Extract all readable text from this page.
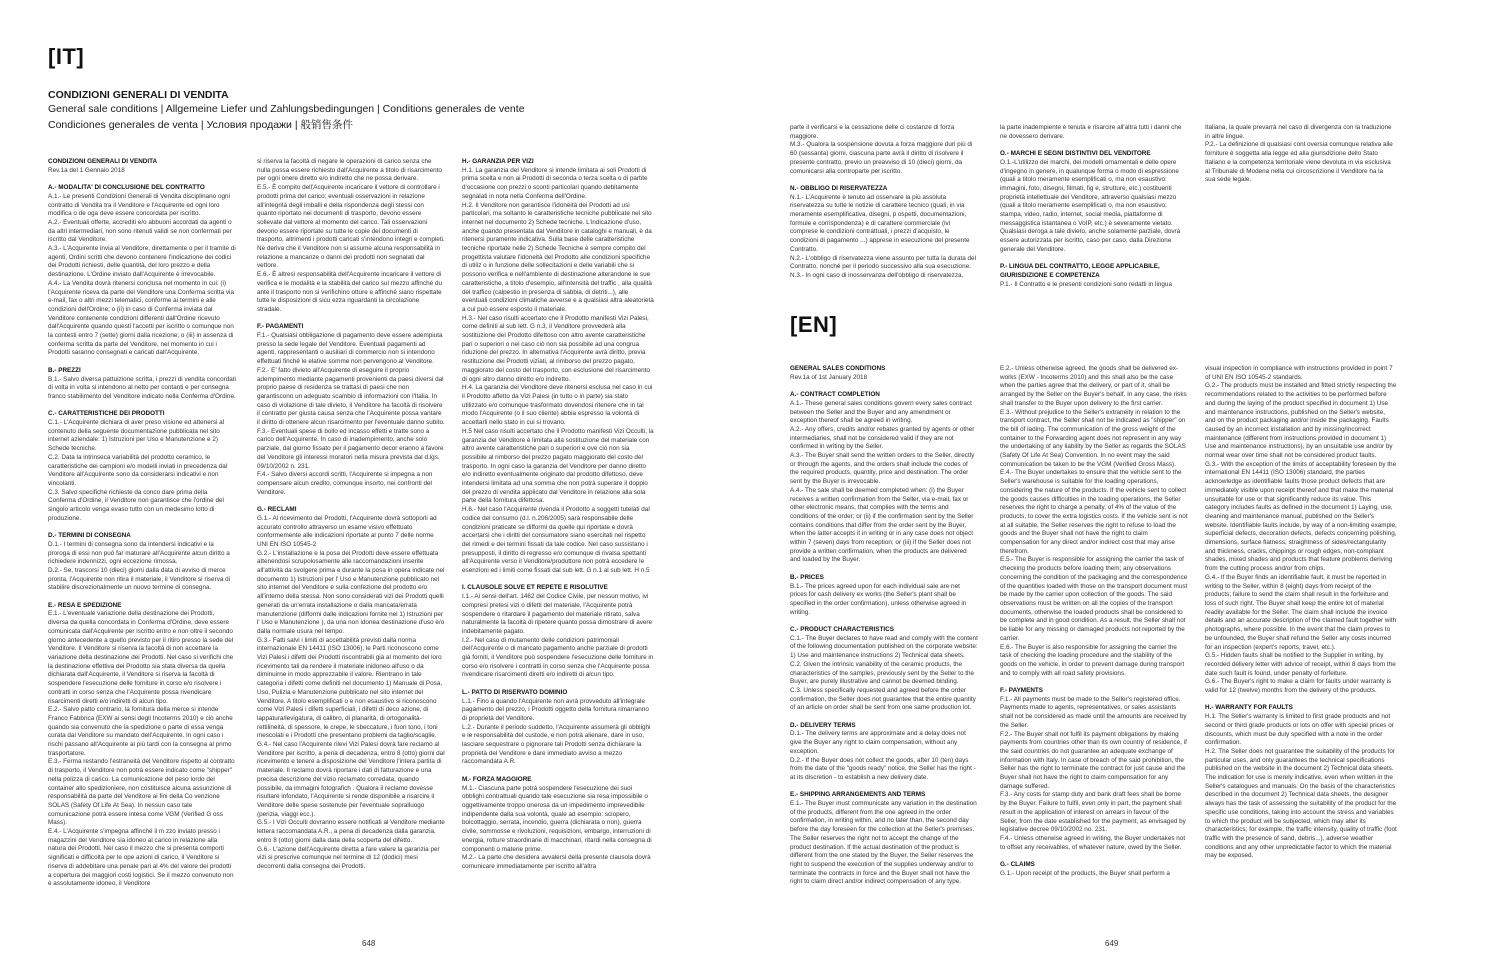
[IT]
CONDIZIONI GENERALI DI VENDITA
General sale conditions | Allgemeine Liefer und Zahlungsbedingungen | Conditions generales de vente
Condiciones generales de venta | Условия продажи | 般销售条件
CONDIZIONI GENERALI DI VENDITA
Rev.1a del 1 Gennaio 2018
A.- MODALITA' DI CONCLUSIONE DEL CONTRATTO
A.1.- Le presenti Condizioni Generali di Vendita disciplinano ogni contratto di Vendita tra il Venditore e l'Acquirente ed ogni loro modifica o de oga deve essere concordata per iscritto.
A.2.- Eventuali offerte, accrediti e/o abbuoni accordati da agenti o da altri intermediari, non sono ritenuti validi se non confermati per iscritto dal Venditore.
A.3.- L'Acquirente invia al Venditore, direttamente o per il tramite di agenti, Ordini scritti che devono contenere l'indicazione dei codici dei Prodotti richiesti, delle quantità, del loro prezzo e della destinazione. L'Ordine inviato dall'Acquirente è irrevocabile.
A.4.- La Vendita dovrà ritenersi conclusa nel momento in cui: (i) l'Acquirente riceva da parte del Venditore una Conferma scritta via e-mail, fax o altri mezzi telematici, conforme ai termini e alle condizioni dell'Ordine; o (ii) in caso di Conferma inviata dal Venditore contenente condizioni differenti dall'Ordine ricevuto dall'Acquirente quando questi l'accetti per iscritto o comunque non la contesti entro 7 (sette) giorni dalla ricezione; o (iii) in assenza di conferma scritta da parte del Venditore, nel momento in cui i Prodotti saranno consegnati e caricati dall'Acquirente.
B.- PREZZI
B.1.- Salvo diversa pattuizione scritta, i prezzi di vendita concordati di volta in volta si intendono al netto per contanti e per consegna franco stabilimento del Venditore indicato nella Conferma d'Ordine.
C.- CARATTERISTICHE DEI PRODOTTI
C.1.- L'Acquirente dichiara di aver preso visione ed attenersi al contenuto della seguente documentazione pubblicata nel sito internet aziendale: 1) Istruzioni per Uso e Manutenzione e 2) Schede tecniche.
C.2. Data la intrinseca variabilità del prodotto ceramico, le caratteristiche dei campioni e/o modelli inviati in precedenza dal Venditore all'Acquirente sono da considerarsi indicativi e non vincolanti.
C.3. Salvo specifiche richieste da conco dare prima della Conferma d'Ordine, il Venditore non garantisce che l'ordine del singolo articolo venga evaso tutto con un medesimo lotto di produzione.
D.- TERMINI DI CONSEGNA
D.1.- I termini di consegna sono da intendersi indicativi e la proroga di essi non può far maturare all'Acquirente alcun diritto a richiedere indennizzi, ogni eccezione rimossa.
D.2.- Se, trascorsi 10 (dieci) giorni dalla data di avviso di merce pronta, l'Acquirente non ritira il materiale, il Venditore si riserva di stabilire discrezionalmente un nuovo termine di consegna.
E.- RESA E SPEDIZIONE
E.1.- L'eventuale variazione della destinazione dei Prodotti, diversa da quella concordata in Conferma d'Ordine, deve essere comunicata dall'Acquirente per iscritto entro e non oltre il secondo giorno antecedente a quello previsto per il ritiro presso la sede del Venditore. Il Venditore si riserva la facoltà di non accettare la variazione della destinazione dei Prodotti. Nel caso si verifichi che la destinazione effettiva dei Prodotto sia stata diversa da quella dichiarata dall'Acquirente, il Venditore si riserva la facoltà di sospendere l'esecuzione delle forniture in corso e/o risolvere i contratti in corso senza che l'Acquirente possa rivendicare risarcimenti diretti e/o indiretti di alcun tipo.
E.2.- Salvo patto contrario, la fornitura della merce si intende Franco Fabbrica (EXW ai sensi degli Incoterms 2010) e ciò anche quando sia convenuto che la spedizione o parte di essa venga curata dal Venditore su mandato dell'Acquirente. In ogni caso i rischi passano all'Acquirente al più tardi con la consegna al primo trasportatore.
E.3.- Ferma restando l'estraneità del Venditore rispetto al contratto di trasporto, il Venditore non potrà essere indicato come "shipper" nella polizza di carico. La comunicazione del peso lordo del container allo spedizioniere, non costituisce alcuna assunzione di responsabilità da parte del Venditore ai fini della Co venzione SOLAS (Safety Of Life At Sea). In nessun caso tale comunicazione potrà essere intesa come VGM (Verified G oss Mass).
E.4.- L'Acquirente s'impegna affinché il m zzo inviato presso i magazzini del Venditore sia idoneo al carico in relazione alla natura dei Prodotti. Nel caso il mezzo che si presenta comporti significati e difficoltà per le ope azioni di carico, il Venditore si riserva di addebitare una penale pari al 4% del valore dei prodotti a copertura dei maggiori costi logistici. Se il mezzo convenuto non è assolutamente idoneo, il Venditore
si riserva la facoltà di negare le operazioni di carico senza che nulla possa essere richiesto dall'Acquirente a titolo di risarcimento per ogni onere diretto e/o indiretto che ne possa derivare.
E.5.- È compito dell'Acquirente incaricare il vettore di controllare i prodotti prima del carico; eventuali osservazioni in relazione all'integrità degli imballi e della rispondenza degli stessi con quanto riportato nei documenti di trasporto, devono essere sollevate dal vettore al momento del carico. Tali osservazioni devono essere riportate su tutte le copie dei documenti di trasporto, altrimenti i prodotti caricati s'intendono integri e completi. Ne deriva che il Venditore non si assume alcuna responsabilità in relazione a mancanze o danni dei prodotti non segnalati dal vettore.
E.6.- È altresì responsabilità dell'Acquirente incaricare il vettore di verifica e le modalità e la stabilità del carico sul mezzo affinché du ante il trasporto non si verifichino otture e affinché siano rispettate tutte le disposizioni di sicu ezza riguardanti la circolazione stradale.
F.- PAGAMENTI
F.1.- Qualsiasi obbligazione di pagamento deve essere adempiuta presso la sede legale del Venditore. Eventuali pagamenti ad agenti, rappresentanti o ausiliari di commercio non si intendono effettuati finché le elative somme non pervengono al Venditore.
F.2.- E' fatto divieto all'Acquirente di eseguire il proprio adempimento mediante pagamenti provenienti da paesi diversi dal proprio paese di residenza se trattasi di paesi che non garantiscono un adeguato scambio di informazioni con l'Italia. In caso di violazione di tale divieto, il Venditore ha facoltà di risolvere il contratto per giusta causa senza che l'Acquirente possa vantare il diritto di ottenere alcun risarcimento per l'eventuale danno subito.
F.3.- Eventuali spese di bollo ed incasso effetti e tratte sono a carico dell'Acquirente. In caso di inadempimento, anche solo parziale, dal giorno fissato per il pagamento decor eranno a favore del Venditore gli interessi moratori nella misura prevista dal d.lgs. 09/10/2002 n. 231.
F.4.- Salvo diversi accordi scritti, l'Acquirente si impegna a non compensare alcun credito, comunque insorto, nei confronti del Venditore.
G.- RECLAMI
G.1.- Al ricevimento dei Prodotti, l'Acquirente dovrà sottoporli ad accurato controllo attraverso un esame visivo effettuato conformemente alle indicazioni riportate al punto 7 delle norme UNI EN ISO 10545-2
G.2.- L'installazione e la posa dei Prodotti deve essere effettuata attenendosi scrupolosamente alle raccomandazioni inserite all'attività da svolgere prima e durante la posa in opera indicate nel documento 1) Istruzioni per l' Uso e Manutenzione pubblicato nel sito internet del Venditore e sulla confezione del prodotto e/o all'interno della stessa. Non sono considerati vizi dei Prodotti quelli generati da un'errata installazione o dalla mancata/errata manutenzione (difformi dalle indicazioni fornite nel 1) Istruzioni per l' Uso e Manutenzione ), da una non idonea destinazione d'uso e/o dalla normale usura nel tempo.
G.3.- Fatti salvi i limiti di accettabilità previsti dalla norma internazionale EN 14411 (ISO 13006), le Parti riconoscono come Vizi Palesi i difetti dei Prodotti riscontrabili già al momento del loro ricevimento tali da rendere il materiale inidoneo all'uso o da diminuirne in modo apprezzabile il valore. Rientrano in tale categoria i difetti come definiti nel documento 1) Manuale di Posa, Uso, Pulizia e Manutenzione pubblicato nel sito internet del Venditore. A titolo esemplificati o e non esaustivo si riconoscono come Vizi Palesi i difetti superficiali, i difetti di deco azione, di lappatura/levigatura, di calibro, di planarità, di ortogonalità-rettilineità, di spessore, le crepe, le sbeccature, i fuori tono, i toni mescolati e i Prodotti che presentano problemi da taglio/scaglie.
G.4.- Nel caso l'Acquirente rilevi Vizi Palesi dovrà fare reclamo al Venditore per iscritto, a pena di decadenza, entro 8 (otto) giorni dal ricevimento e tenere a disposizione del Venditore l'intera partita di materiale. Il reclamo dovrà riportare i dati di fatturazione e una precisa descrizione del vizio reclamato corredata, quando possibile, da immagini fotografich . Qualora il reclamo dovesse risultare infondato, l'Acquirente si rende disponibile a risarcire il Venditore delle spese sostenute per l'eventuale sopralluogo (perizia, viaggi ecc.).
G.5.- I Vizi Occulti dovranno essere notificati al Venditore mediante lettera raccomandata A.R., a pena di decadenza dalla garanzia, entro 8 (otto) giorni dalla data della scoperta del difetto.
G.6.- L'azione dell'Acquirente diretta a fare valere la garanzia per vizi si prescrive comunque nel termine di 12 (dodici) mesi decorrenti dalla consegna dei Prodotti.
H.- GARANZIA PER VIZI
H.1. La garanzia del Venditore si intende limitata ai soli Prodotti di prima scelta e non ai Prodotti di seconda o terza scelta o di partite d'occasione con prezzi o sconti particolari quando debitamente segnalati in nota nella Conferma dell'Ordine.
H.2. Il Venditore non garantisce l'idoneità dei Prodotti ad usi particolari, ma soltanto le caratteristiche tecniche pubblicate nel sito internet nel documento 2) Schede tecniche. L'indicazione d'uso, anche quando presentata dal Venditore in cataloghi e manuali, è da ritenersi puramente indicativa. Sulla base delle caratteristiche tecniche riportate nelle 2) Schede Tecniche è sempre compito del progettista valutare l'idoneità del Prodotto alle condizioni specifiche di utiliz o in funzione delle sollecitazioni e delle variabili che si possono verifica e nell'ambiente di destinazione alterandone le sue caratteristiche, a titolo d'esempio, all'intensità del traffic , alla qualità del traffico (calpestio in presenza di sabbia, di detriti...), alle eventuali condizioni climatiche avverse e a qualsiasi altra aleatorietà a cui può essere esposto il materiale.
H.3.- Nel caso risulti accertato che il Prodotto manifesti Vizi Palesi, come definiti al sub lett. G n.3, il Venditore provvederà alla sostituzione del Prodotto difettoso con altro avente caratteristiche pari o superiori o nel caso ciò non sia possibile ad una congrua riduzione del prezzo. In alternativa l'Acquirente avrà diritto, previa restituzione dei Prodotti viziati, al rimborso del prezzo pagato, maggiorato del costo del trasporto, con esclusione del risarcimento di ogni altro danno diretto e/o indiretto.
H.4. La garanzia del Venditore deve ritenersi esclusa nel caso in cui il Prodotto affetto da Vizi Palesi (in tutto o in parte) sia stato utilizzato e/o comunque trasformato dovendosi ritenere che in tal modo l'Acquirente (o il suo cliente) abbia espresso la volontà di accettarli nello stato in cui si trovano.
H.5 Nel caso risulti accertato che il Prodotto manifesti Vizi Occulti, la garanzia del Venditore è limitata alla sostituzione del materiale con altro avente caratteristiche pari o superiori e ove ciò non sia possibile al rimborso del prezzo pagato maggiorato del costo del trasporto. In ogni caso la garanzia del Venditore per danno diretto e/o indiretto eventualmente originato dal prodotto difettoso, deve intendersi limitata ad una somma che non potrà superare il doppio del prezzo di vendita applicato dal Venditore in relazione alla sola parte della fornitura difettosa.
H.6.- Nel caso l'Acquirente rivenda il Prodotto a soggetti tutelati dal codice del consumo (d.l. n.206/2005) sarà responsabile delle condizioni praticate se difformi da quelle qui riportate e dovrà accertarsi che i diritti del consumatore siano esercitati nel rispetto dei rimedi e dei termini fissati da tale codice. Nel caso sussistano i presupposti, il diritto di regresso e/o comunque di rivalsa spettanti all'Acquirente verso il Venditore/produttore non potrà eccedere le esenzioni ed i limiti come fissati dal sub lett. G n.1 al sub lett. H n.5
I. CLAUSOLE SOLVE ET REPETE E RISOLUTIVE
I.1.- Ai sensi dell'art. 1462 del Codice Civile, per nessun motivo, ivi compresi pretesi vizi o difetti del materiale, l'Acquirente potrà sospendere o ritardare il pagamento del materiale ritirato, salva naturalmente la facoltà di ripetere quanto possa dimostrare di avere indebitamente pagato.
I.2.- Nel caso di mutamento delle condizioni patrimoniali dell'Acquirente o di mancato pagamento anche parziale di prodotti già forniti, il Venditore può sospendere l'esecuzione delle forniture in corso e/o risolvere i contratti in corso senza che l'Acquirente possa rivendicare risarcimenti diretti e/o indiretti di alcun tipo.
L.- PATTO DI RISERVATO DOMINIO
L.1.- Fino a quando l'Acquirente non avrà provveduto all'integrale pagamento del prezzo, i Prodotti oggetto della fornitura rimarranno di proprietà del Venditore.
L.2.- Durante il periodo suddetto, l'Acquirente assumerà gli obblighi e le responsabilità del custode, e non potrà alienare, dare in uso, lasciare sequestrare o pignorare tali Prodotti senza dichiarare la proprietà del Venditore e dare immediato avviso a mezzo raccomandata A.R.
M.- FORZA MAGGIORE
M.1.- Ciascuna parte potrà sospendere l'esecuzione dei suoi obblighi contrattuali quando tale esecuzione sia resa impossibile o oggettivamente troppo onerosa da un impedimento imprevedibile indipendente dalla sua volontà, quale ad esempio: sciopero, boicottaggio, serrata, incendio, guerra (dichiarata o non), guerra civile, sommosse e rivoluzioni, requisizioni, embargo, interruzioni di energia, rotture straordinarie di macchinari, ritardi nella consegna di componenti o materie prime.
M.2.- La parte che desidera avvalersi della presente clausola dovrà comunicare immediatamente per iscritto all'altra
648
parte il verificarsi e la cessazione delle ci costanze di forza maggiore.
M.3.- Qualora la sospensione dovuta a forza maggiore duri più di 60 (sessanta) giorni, ciascuna parte avrà il diritto di risolvere il presente contratto, previo un preavviso di 10 (dieci) giorni, da comunicarsi alla controparte per iscritto.
N.- OBBLIGO DI RISERVATEZZA
N.1.- L'Acquirente è tenuto ad osservare la più assoluta riservatezza su tutte le notizie di carattere tecnico (quali, in via meramente esemplificativa, disegni, p ospetti, documentazioni, formule e corrispondenza) e di carattere commerciale (ivi comprese le condizioni contrattuali, i prezzi d'acquisto, le condizioni di pagamento ...) apprese in esecuzione del presente Contratto.
N.2.- L'obbligo di riservatezza viene assunto per tutta la durata del Contratto, nonché per il periodo successivo alla sua esecuzione.
N.3.- In ogni caso di inosservanza dell'obbligo di riservatezza,
la parte inadempiente è tenuta e risarcire all'altra tutti i danni che ne dovessero derivare.
O.- MARCHI E SEGNI DISTINTIVI DEL VENDITORE
O.1.-L'utilizzo dei marchi, dei modelli ornamentali e delle opere d'ingegno in genere, in qualunque forma o modo di espressione (quali a titolo meramente esemplificati o, ma non esaustivo: immagini, foto, disegni, filmati, fig e, strutture, etc.) costituenti proprietà intellettuale del Venditore, attraverso qualsiasi mezzo (quali a titolo meramente esemplificati o, ma non esaustivo: stampa, video, radio, internet, social media, piattaforme di messaggistica istantanea o VoIP, etc.) è severamente vietato. Qualsiasi deroga a tale divieto, anche solamente parziale, dovrà essere autorizzata per iscritto, caso per caso, dalla Direzione generale del Venditore.
P.- LINGUA DEL CONTRATTO, LEGGE APPLICABILE, GIURISDIZIONE E COMPETENZA
P.1.- Il Contratto e le presenti condizioni sono redatti in lingua
Italiana, la quale prevarrà nel caso di divergenza con la traduzione in altre lingue.
P.2.- La definizione di qualsiasi cont oversia comunque relativa alle forniture è soggetta alla legge ed alla giurisdizione dello Stato Italiano e la competenza territoriale viene devoluta in via esclusiva al Tribunale di Modena nella cui circoscrizione il Venditore ha la sua sede legale.
[EN]
GENERAL SALES CONDITIONS
Rev.1a of 1st January 2018
A.- CONTRACT COMPLETION
A.1.- These general sales conditions govern every sales contract between the Seller and the Buyer and any amendment or exception thereof shall be agreed in writing.
A.2.- Any offers, credits and/or rebates granted by agents or other intermediaries, shall not be considered valid if they are not confirmed in writing by the Seller.
A.3.- The Buyer shall send the written orders to the Seller, directly or through the agents, and the orders shall include the codes of the required products, quantity, price and destination. The order sent by the Buyer is irrevocable.
A.4.- The sale shall be deemed completed when: (i) the Buyer receives a written confirmation from the Seller, via e-mail, fax or other electronic means, that complies with the terms and conditions of the order; or (ii) if the confirmation sent by the Seller contains conditions that differ from the order sent by the Buyer, when the latter accepts it in writing or in any case does not object within 7 (seven) days from reception; or (iii) if the Seller does not provide a written confirmation, when the products are delivered and loaded by the Buyer.
B.- PRICES
B.1.- The prices agreed upon for each individual sale are net prices for cash delivery ex works (the Seller's plant shall be specified in the order confirmation), unless otherwise agreed in writing.
C.- PRODUCT CHARACTERISTICS
C.1.- The Buyer declares to have read and comply with the content of the following documentation published on the corporate website: 1) Use and maintenance instructions 2) Technical data sheets.
C.2. Given the intrinsic variability of the ceramic products, the characteristics of the samples, previously sent by the Seller to the Buyer, are purely illustrative and cannot be deemed binding.
C.3. Unless specifically requested and agreed before the order confirmation, the Seller does not guarantee that the entire quantity of an article on order shall be sent from one same production lot.
D.- DELIVERY TERMS
D.1.- The delivery terms are approximate and a delay does not give the Buyer any right to claim compensation, without any exception.
D.2.- If the Buyer does not collect the goods, after 10 (ten) days from the date of the "goods ready" notice, the Seller has the right - at its discretion - to establish a new delivery date.
E.- SHIPPING ARRANGEMENTS AND TERMS
E.1.- The Buyer must communicate any variation in the destination of the products, different from the one agreed in the order confirmation, in writing within, and no later than, the second day before the day foreseen for the collection at the Seller's premises. The Seller reserves the right not to accept the change of the product destination. If the actual destination of the product is different from the one stated by the Buyer, the Seller reserves the right to suspend the execution of the supplies underway and/or to terminate the contracts in force and the Buyer shall not have the right to claim direct and/or indirect compensation of any type.
E.2.- Unless otherwise agreed, the goods shall be delivered ex-works (EXW - Incoterms 2010) and this shall also be the case when the parties agree that the delivery, or part of it, shall be arranged by the Seller on the Buyer's behalf. In any case, the risks shall transfer to the Buyer upon delivery to the first carrier.
E.3.- Without prejudice to the Seller's extraneity in relation to the transport contract, the Seller shall not be indicated as "shipper" on the bill of lading. The communication of the gross weight of the container to the Forwarding agent does not represent in any way the undertaking of any liability by the Seller as regards the SOLAS (Safety Of Life At Sea) Convention. In no event may the said communication be taken to be the VGM (Verified Gross Mass).
E.4.- The Buyer undertakes to ensure that the vehicle sent to the Seller's warehouse is suitable for the loading operations, considering the nature of the products. If the vehicle sent to collect the goods causes difficulties in the loading operations, the Seller reserves the right to charge a penalty, of 4% of the value of the products, to cover the extra logistics costs. If the vehicle sent is not at all suitable, the Seller reserves the right to refuse to load the goods and the Buyer shall not have the right to claim compensation for any direct and/or indirect cost that may arise therefrom.
E.5.- The Buyer is responsible for assigning the carrier the task of checking the products before loading them; any observations concerning the condition of the packaging and the correspondence of the quantities loaded with those on the transport document must be made by the carrier upon collection of the goods. The said observations must be written on all the copies of the transport documents, otherwise the loaded products shall be considered to be complete and in good condition. As a result, the Seller shall not be liable for any missing or damaged products not reported by the carrier.
E.6.- The Buyer is also responsible for assigning the carrier the task of checking the loading procedure and the stability of the goods on the vehicle, in order to prevent damage during transport and to comply with all road safety provisions.
F.- PAYMENTS
F.1.- All payments must be made to the Seller's registered office. Payments made to agents, representatives, or sales assistants shall not be considered as made until the amounts are received by the Seller.
F.2.- The Buyer shall not fulfil its payment obligations by making payments from countries other than its own country of residence, if the said countries do not guarantee an adequate exchange of information with Italy. In case of breach of the said prohibition, the Seller has the right to terminate the contract for just cause and the Buyer shall not have the right to claim compensation for any damage suffered.
F.3.- Any costs for stamp duty and bank draft fees shall be borne by the Buyer. Failure to fulfil, even only in part, the payment shall result in the application of interest on arrears in favour of the Seller, from the date established for the payment, as envisaged by legislative decree 09/10/2002 no. 231.
F.4.- Unless otherwise agreed in writing, the Buyer undertakes not to offset any receivables, of whatever nature, owed by the Seller.
G.- CLAIMS
G.1.- Upon receipt of the products, the Buyer shall perform a
visual inspection in compliance with instructions provided in point 7 of UNI EN ISO 10545-2 standards.
G.2.- The products must be installed and fitted strictly respecting the recommendations related to the activities to be performed before and during the laying of the product specified in document 1) Use and maintenance instructions, published on the Seller's website, and on the product packaging and/or inside the packaging. Faults caused by an incorrect installation and by missing/incorrect maintenance (different from instructions provided in document 1) Use and maintenance instructions), by an unsuitable use and/or by normal wear over time shall not be considered product faults.
G.3.- With the exception of the limits of acceptability foreseen by the international EN 14411 (ISO 13006) standard, the parties acknowledge as identifiable faults those product defects that are immediately visible upon receipt thereof and that make the material unsuitable for use or that significantly reduce its value. This category includes faults as defined in the document 1) Laying, use, cleaning and maintenance manual, published on the Seller's website. Identifiable faults include, by way of a non-limiting example, superficial defects, decoration defects, defects concerning polishing, dimensions, surface flatness, straightness of sides/rectangularity and thickness, cracks, chippings or rough edges, non-compliant shades, mixed shades and products that feature problems deriving from the cutting process and/or from chips.
G.4.- If the Buyer finds an identifiable fault, it must be reported in writing to the Seller, within 8 (eight) days from receipt of the products; failure to send the claim shall result in the forfeiture and loss of such right. The Buyer shall keep the entire lot of material readily available for the Seller. The claim shall include the invoice details and an accurate description of the claimed fault together with photographs, where possible. In the event that the claim proves to be unfounded, the Buyer shall refund the Seller any costs incurred for an inspection (expert's reports, travel, etc.).
G.5.- Hidden faults shall be notified to the Supplier in writing, by recorded delivery letter with advice of receipt, within 8 days from the date such fault is found, under penalty of forfeiture.
G.6.- The Buyer's right to make a claim for faults under warranty is valid for 12 (twelve) months from the delivery of the products.
H.- WARRANTY FOR FAULTS
H.1. The Seller's warranty is limited to first grade products and not second or third grade products or lots on offer with special prices or discounts, which must be duly specified with a note in the order confirmation.
H.2. The Seller does not guarantee the suitability of the products for particular uses, and only guarantees the technical specifications published on the website in the document 2) Technical data sheets. The indication for use is merely indicative, even when written in the Seller's catalogues and manuals. On the basis of the characteristics described in the document 2) Technical data sheets, the designer always has the task of assessing the suitability of the product for the specific use conditions, taking into account the stress and variables to which the product will be subjected, which may alter its characteristics; for example, the traffic intensity, quality of traffic (foot traffic with the presence of sand, debris...), adverse weather conditions and any other unpredictable factor to which the material may be exposed.
649
